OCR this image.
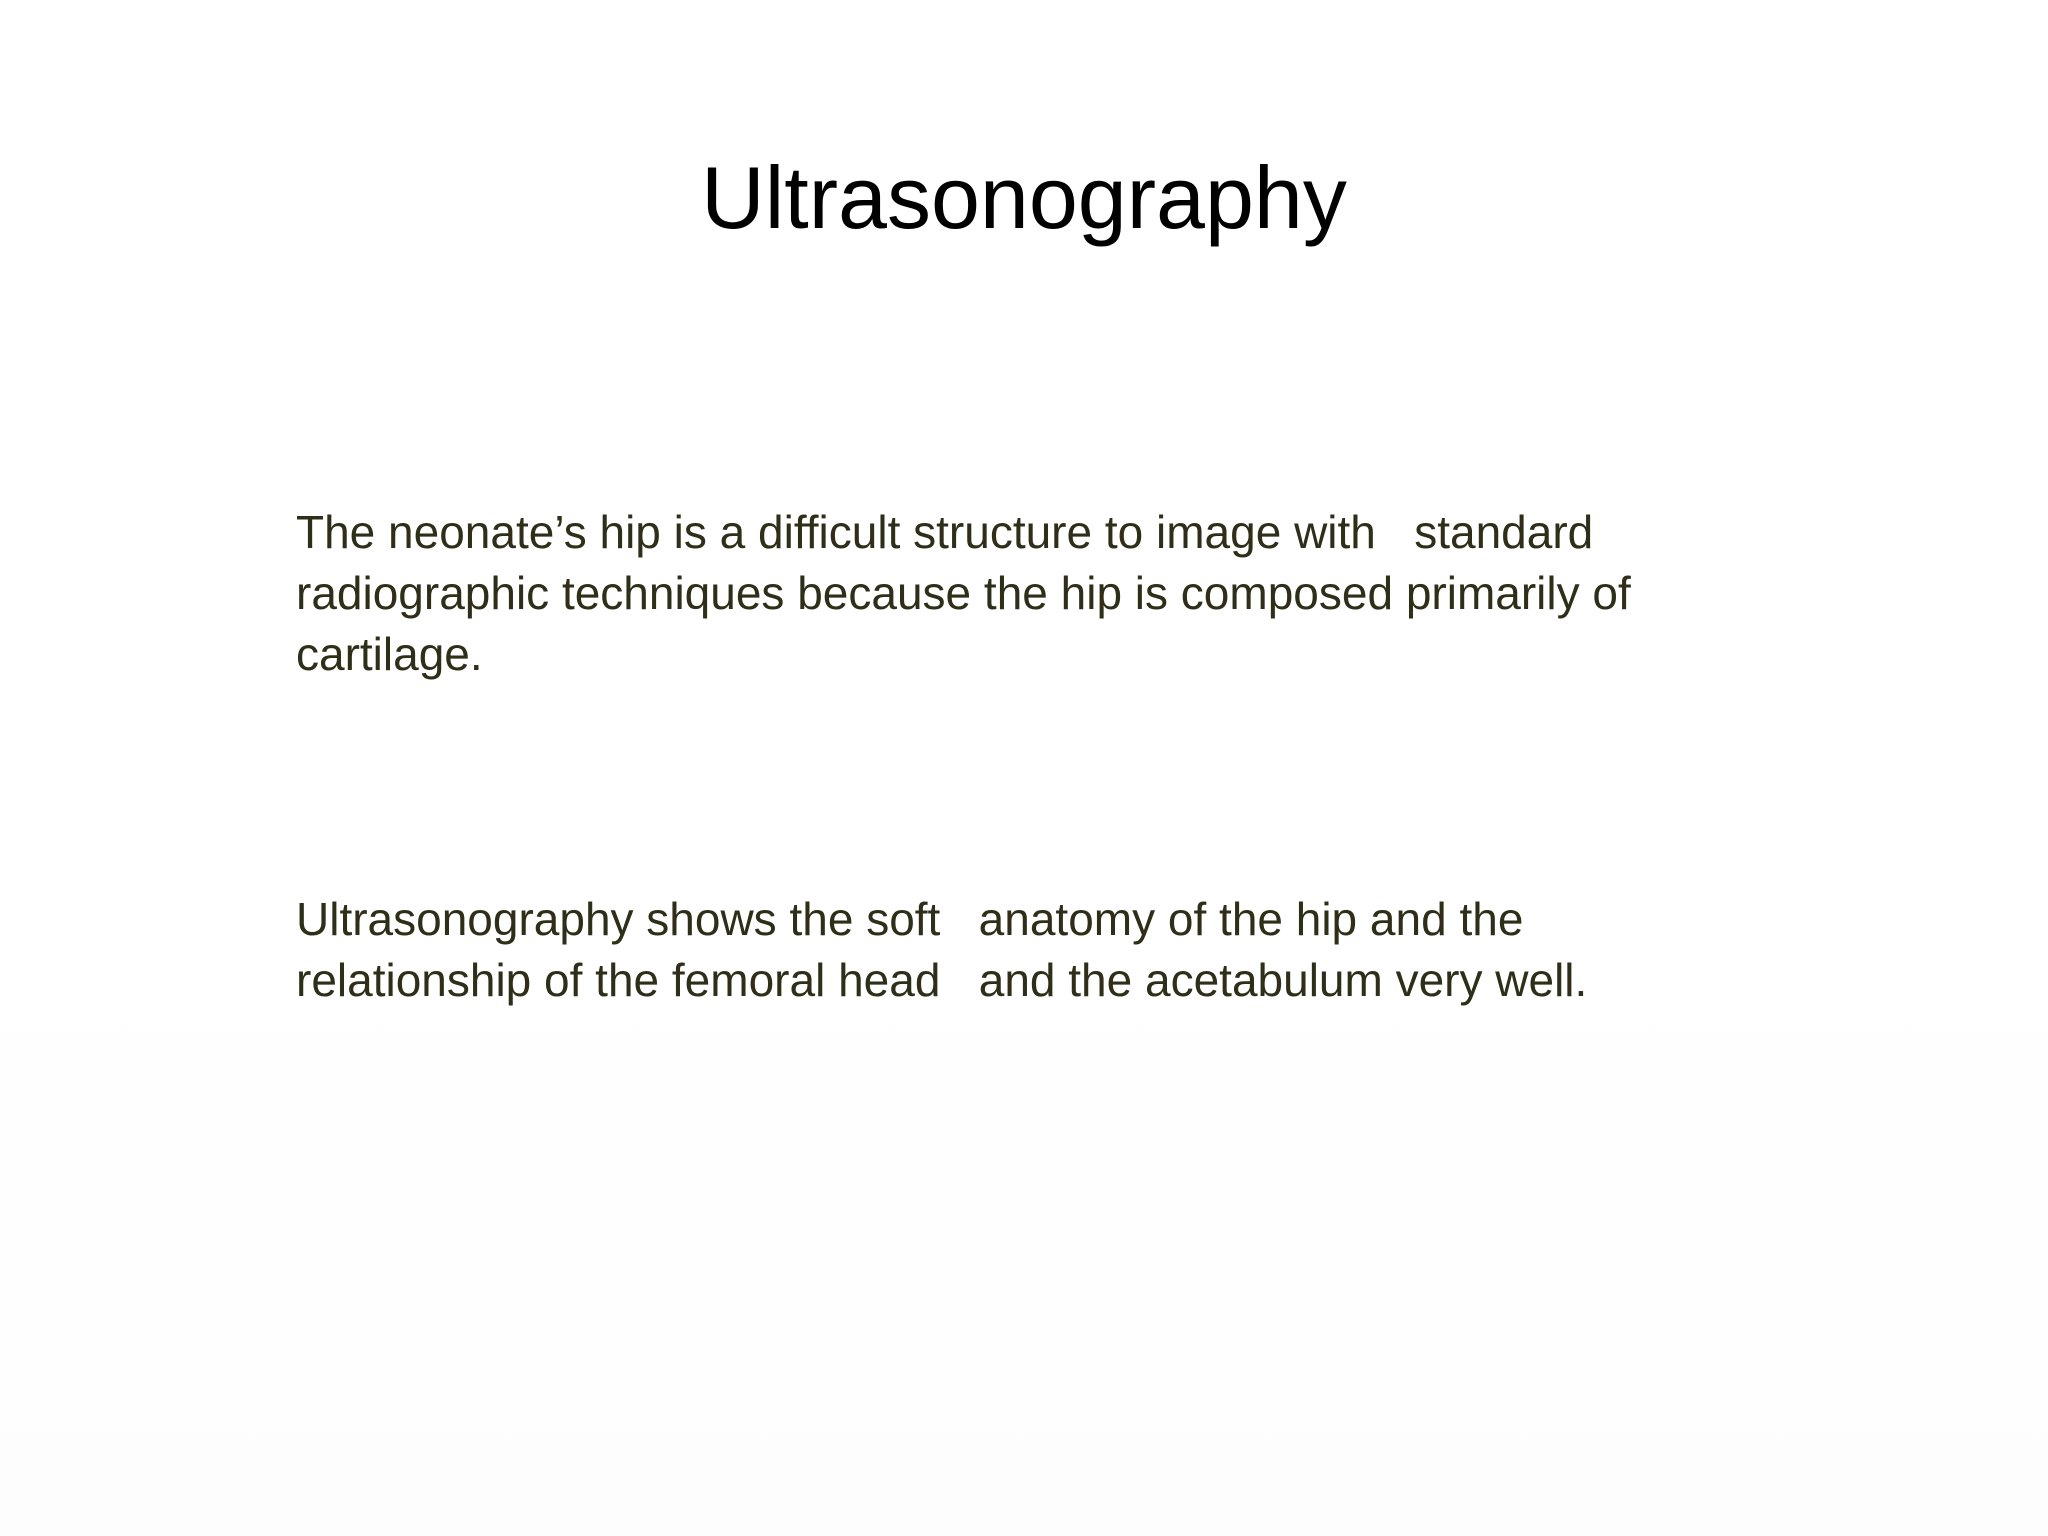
Ultrasonography

The neonate’s hip is a difficult structure to image with   standard
radiographic techniques because the hip is composed primarily of
cartilage.

Ultrasonography shows the soft   anatomy of the hip and the
relationship of the femoral head   and the acetabulum very well.
